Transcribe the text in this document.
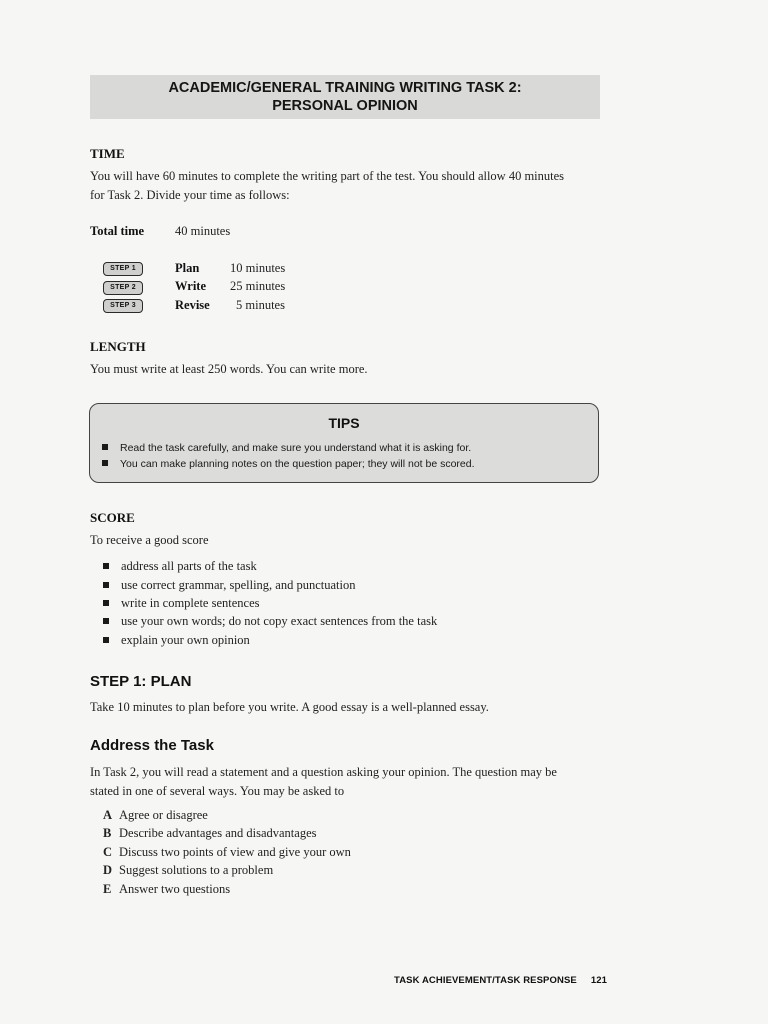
ACADEMIC/GENERAL TRAINING WRITING TASK 2:
PERSONAL OPINION
TIME
You will have 60 minutes to complete the writing part of the test. You should allow 40 minutes
for Task 2. Divide your time as follows:
Total time 40 minutes
STEP 1	Plan 10 minutes
STEP 2	Write 25 minutes
STEP 3	Revise 5 minutes
LENGTH
You must write at least 250 words. You can write more.
TIPS
Read the task carefully, and make sure you understand what it is asking for.
You can make planning notes on the question paper; they will not be scored.
SCORE
To receive a good score
address all parts of the task
use correct grammar, spelling, and punctuation
write in complete sentences
use your own words; do not copy exact sentences from the task
explain your own opinion
STEP 1: PLAN
Take 10 minutes to plan before you write. A good essay is a well-planned essay.
Address the Task
In Task 2, you will read a statement and a question asking your opinion. The question may be
stated in one of several ways. You may be asked to
A Agree or disagree
B Describe advantages and disadvantages
C Discuss two points of view and give your own
D Suggest solutions to a problem
E Answer two questions
TASK ACHIEVEMENT/TASK RESPONSE 121
